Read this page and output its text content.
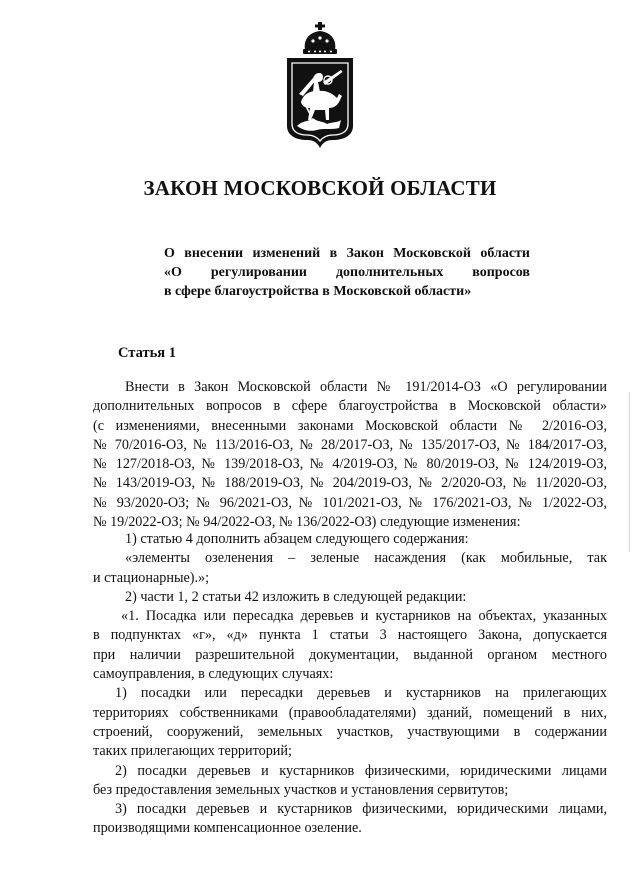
ЗАКОН МОСКОВСКОЙ ОБЛАСТИ
О внесении изменений в Закон Московской области
«О регулировании дополнительных вопросов
в сфере благоустройства в Московской области»
Статья 1
Внести в Закон Московской области № 191/2014-ОЗ «О регулировании
дополнительных вопросов в сфере благоустройства в Московской области»
(с изменениями, внесенными законами Московской области № 2/2016-ОЗ,
№ 70/2016-ОЗ, № 113/2016-ОЗ, № 28/2017-ОЗ, № 135/2017-ОЗ, № 184/2017-ОЗ,
№ 127/2018-ОЗ, № 139/2018-ОЗ, № 4/2019-ОЗ, № 80/2019-ОЗ, № 124/2019-ОЗ,
№ 143/2019-ОЗ, № 188/2019-ОЗ, № 204/2019-ОЗ, № 2/2020-ОЗ, № 11/2020-ОЗ,
№ 93/2020-ОЗ; № 96/2021-ОЗ, № 101/2021-ОЗ, № 176/2021-ОЗ, № 1/2022-ОЗ,
№ 19/2022-ОЗ; № 94/2022-ОЗ, № 136/2022-ОЗ) следующие изменения:
1) статью 4 дополнить абзацем следующего содержания:
«элементы озеленения – зеленые насаждения (как мобильные, так
и стационарные).»;
2) части 1, 2 статьи 42 изложить в следующей редакции:
«1. Посадка или пересадка деревьев и кустарников на объектах, указанных
в подпунктах «г», «д» пункта 1 статьи 3 настоящего Закона, допускается
при наличии разрешительной документации, выданной органом местного
самоуправления, в следующих случаях:
1) посадки или пересадки деревьев и кустарников на прилегающих
территориях собственниками (правообладателями) зданий, помещений в них,
строений, сооружений, земельных участков, участвующими в содержании
таких прилегающих территорий;
2) посадки деревьев и кустарников физическими, юридическими лицами
без предоставления земельных участков и установления сервитутов;
3) посадки деревьев и кустарников физическими, юридическими лицами,
производящими компенсационное озеление.
